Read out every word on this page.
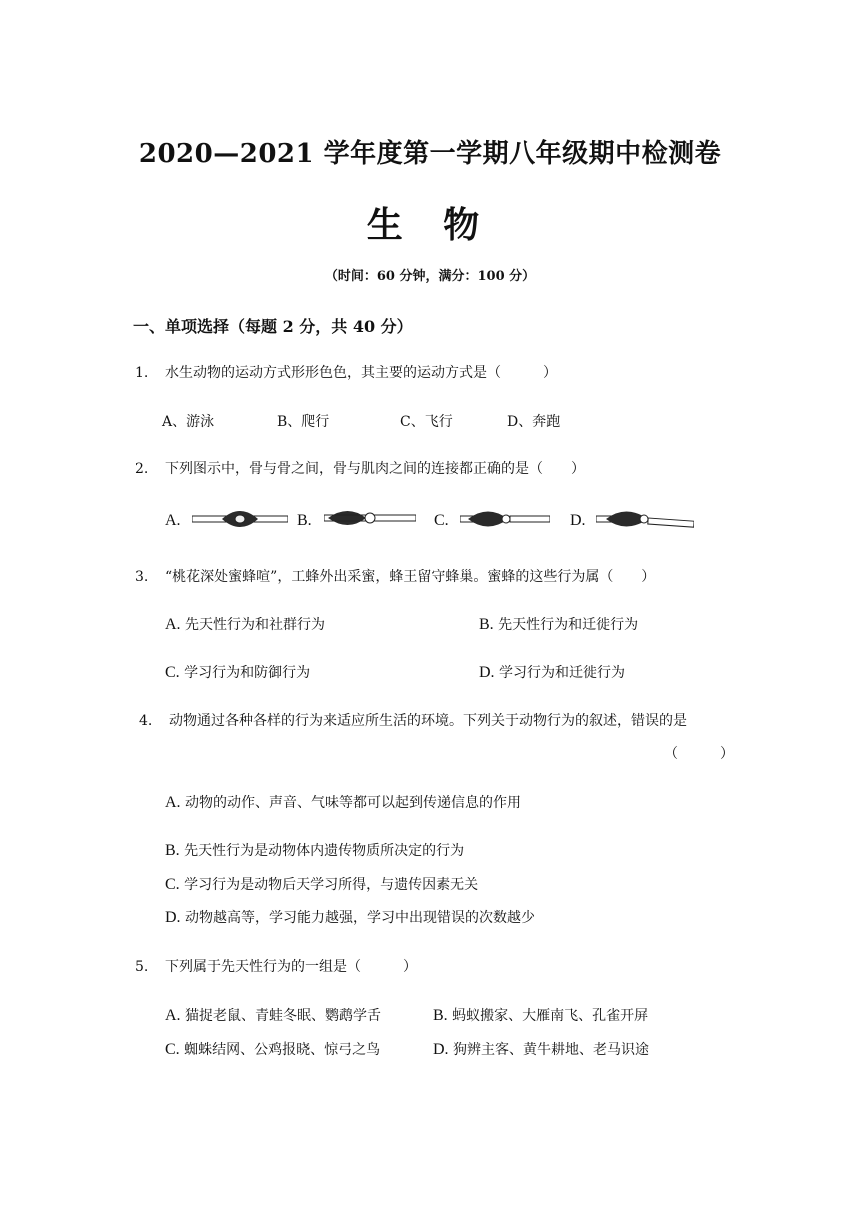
2020—2021 学年度第一学期八年级期中检测卷
生 物
（时间：60 分钟，满分：100 分）
一、单项选择（每题 2 分，共 40 分）
1. 水生动物的运动方式形形色色，其主要的运动方式是（　　　）
A、游泳	B、爬行	C、飞行	D、奔跑
2. 下列图示中，骨与骨之间，骨与肌肉之间的连接都正确的是（　　）
A.	B.	C.	D.
3. “桃花深处蜜蜂喧”，工蜂外出采蜜，蜂王留守蜂巢。蜜蜂的这些行为属（　　）
A. 先天性行为和社群行为	B. 先天性行为和迁徙行为
C. 学习行为和防御行为	D. 学习行为和迁徙行为
4. 动物通过各种各样的行为来适应所生活的环境。下列关于动物行为的叙述，错误的是
（　　　）
A. 动物的动作、声音、气味等都可以起到传递信息的作用
B. 先天性行为是动物体内遗传物质所决定的行为
C. 学习行为是动物后天学习所得，与遗传因素无关
D. 动物越高等，学习能力越强，学习中出现错误的次数越少
5. 下列属于先天性行为的一组是（　　　）
A. 猫捉老鼠、青蛙冬眠、鹦鹉学舌	B. 蚂蚁搬家、大雁南飞、孔雀开屏
C. 蜘蛛结网、公鸡报晓、惊弓之鸟	D. 狗辨主客、黄牛耕地、老马识途
